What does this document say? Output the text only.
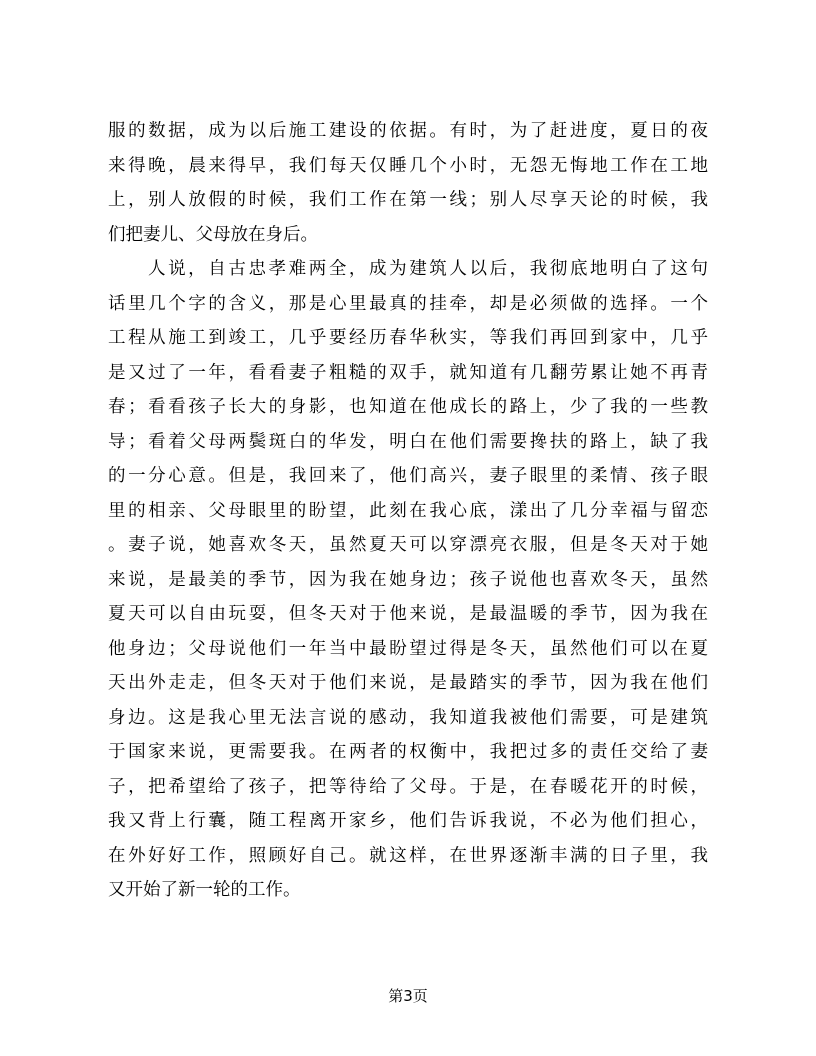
服的数据，成为以后施工建设的依据。有时，为了赶进度，夏日的夜
来得晚，晨来得早，我们每天仅睡几个小时，无怨无悔地工作在工地
上，别人放假的时候，我们工作在第一线；别人尽享天论的时候，我
们把妻儿、父母放在身后。
人说，自古忠孝难两全，成为建筑人以后，我彻底地明白了这句
话里几个字的含义，那是心里最真的挂牵，却是必须做的选择。一个
工程从施工到竣工，几乎要经历春华秋实，等我们再回到家中，几乎
是又过了一年，看看妻子粗糙的双手，就知道有几翻劳累让她不再青
春；看看孩子长大的身影，也知道在他成长的路上，少了我的一些教
导；看着父母两鬓斑白的华发，明白在他们需要搀扶的路上，缺了我
的一分心意。但是，我回来了，他们高兴，妻子眼里的柔情、孩子眼
里的相亲、父母眼里的盼望，此刻在我心底，漾出了几分幸福与留恋
。妻子说，她喜欢冬天，虽然夏天可以穿漂亮衣服，但是冬天对于她
来说，是最美的季节，因为我在她身边；孩子说他也喜欢冬天，虽然
夏天可以自由玩耍，但冬天对于他来说，是最温暖的季节，因为我在
他身边；父母说他们一年当中最盼望过得是冬天，虽然他们可以在夏
天出外走走，但冬天对于他们来说，是最踏实的季节，因为我在他们
身边。这是我心里无法言说的感动，我知道我被他们需要，可是建筑
于国家来说，更需要我。在两者的权衡中，我把过多的责任交给了妻
子，把希望给了孩子，把等待给了父母。于是，在春暖花开的时候，
我又背上行囊，随工程离开家乡，他们告诉我说，不必为他们担心，
在外好好工作，照顾好自己。就这样，在世界逐渐丰满的日子里，我
又开始了新一轮的工作。
第3页
